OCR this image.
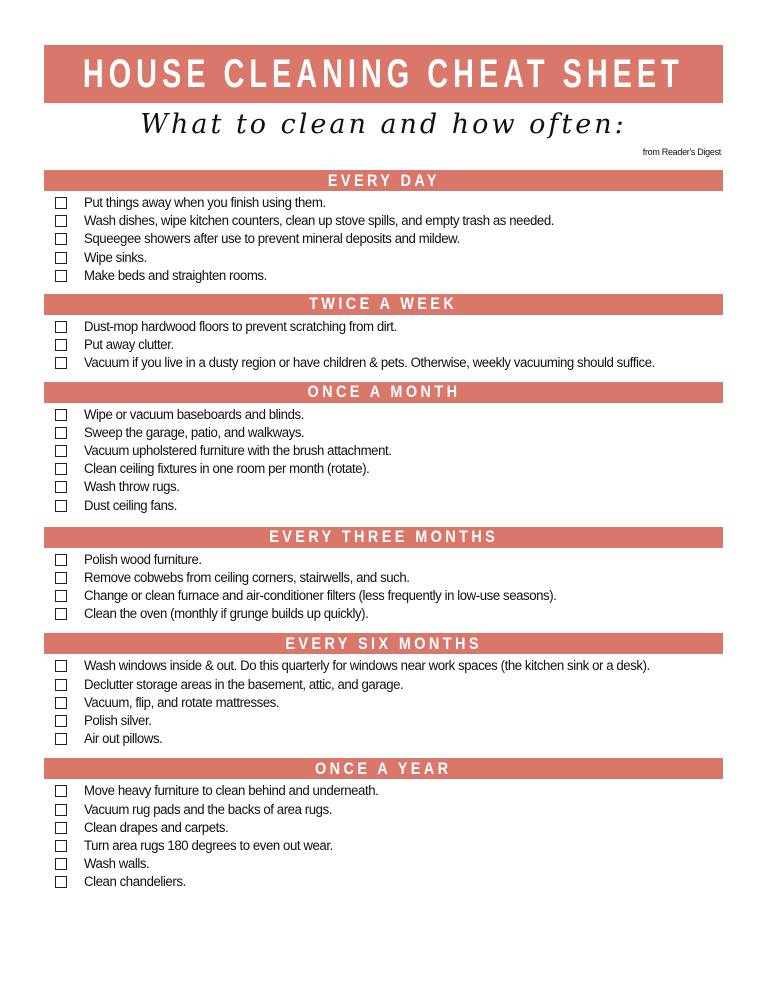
HOUSE CLEANING CHEAT SHEET
What to clean and how often:
from Reader's Digest
EVERY DAY
Put things away when you finish using them.
Wash dishes, wipe kitchen counters, clean up stove spills, and empty trash as needed.
Squeegee showers after use to prevent mineral deposits and mildew.
Wipe sinks.
Make beds and straighten rooms.
TWICE A WEEK
Dust-mop hardwood floors to prevent scratching from dirt.
Put away clutter.
Vacuum if you live in a dusty region or have children & pets. Otherwise, weekly vacuuming should suffice.
ONCE A MONTH
Wipe or vacuum baseboards and blinds.
Sweep the garage, patio, and walkways.
Vacuum upholstered furniture with the brush attachment.
Clean ceiling fixtures in one room per month (rotate).
Wash throw rugs.
Dust ceiling fans.
EVERY THREE MONTHS
Polish wood furniture.
Remove cobwebs from ceiling corners, stairwells, and such.
Change or clean furnace and air-conditioner filters (less frequently in low-use seasons).
Clean the oven (monthly if grunge builds up quickly).
EVERY SIX MONTHS
Wash windows inside & out. Do this quarterly for windows near work spaces (the kitchen sink or a desk).
Declutter storage areas in the basement, attic, and garage.
Vacuum, flip, and rotate mattresses.
Polish silver.
Air out pillows.
ONCE A YEAR
Move heavy furniture to clean behind and underneath.
Vacuum rug pads and the backs of area rugs.
Clean drapes and carpets.
Turn area rugs 180 degrees to even out wear.
Wash walls.
Clean chandeliers.
